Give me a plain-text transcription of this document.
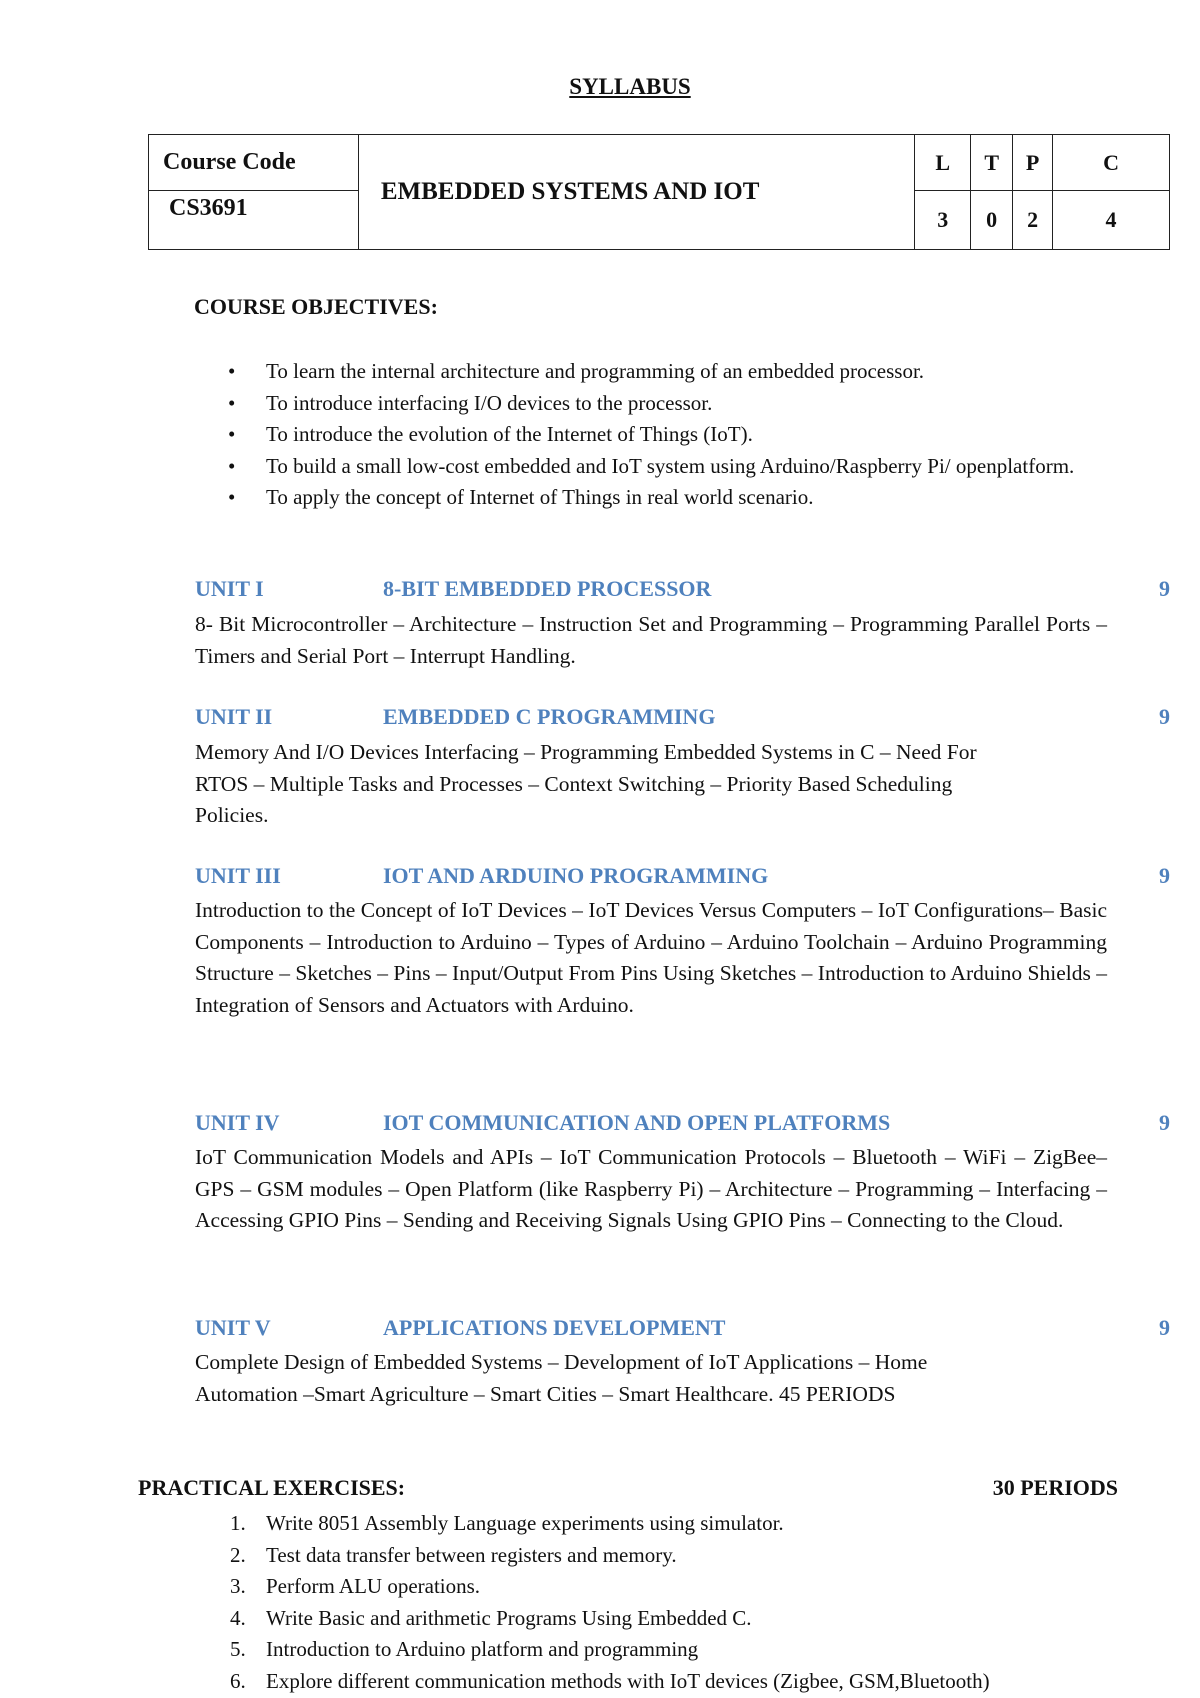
SYLLABUS
Course Code	EMBEDDED SYSTEMS AND IOT	L	T	P	C
CS3691		3	0	2	4
COURSE OBJECTIVES:
• To learn the internal architecture and programming of an embedded processor.
• To introduce interfacing I/O devices to the processor.
• To introduce the evolution of the Internet of Things (IoT).
• To build a small low-cost embedded and IoT system using Arduino/Raspberry Pi/ openplatform.
• To apply the concept of Internet of Things in real world scenario.
UNIT I	8-BIT EMBEDDED PROCESSOR	9
8- Bit Microcontroller – Architecture – Instruction Set and Programming – Programming Parallel Ports – Timers and Serial Port – Interrupt Handling.
UNIT II	EMBEDDED C PROGRAMMING	9
Memory And I/O Devices Interfacing – Programming Embedded Systems in C – Need For RTOS – Multiple Tasks and Processes – Context Switching – Priority Based Scheduling Policies.
UNIT III	IOT AND ARDUINO PROGRAMMING	9
Introduction to the Concept of IoT Devices – IoT Devices Versus Computers – IoT Configurations– Basic Components – Introduction to Arduino – Types of Arduino – Arduino Toolchain – Arduino Programming Structure – Sketches – Pins – Input/Output From Pins Using Sketches – Introduction to Arduino Shields – Integration of Sensors and Actuators with Arduino.
UNIT IV	IOT COMMUNICATION AND OPEN PLATFORMS	9
IoT Communication Models and APIs – IoT Communication Protocols – Bluetooth – WiFi – ZigBee– GPS – GSM modules – Open Platform (like Raspberry Pi) – Architecture – Programming – Interfacing – Accessing GPIO Pins – Sending and Receiving Signals Using GPIO Pins – Connecting to the Cloud.
UNIT V	APPLICATIONS DEVELOPMENT	9
Complete Design of Embedded Systems – Development of IoT Applications – Home Automation –Smart Agriculture – Smart Cities – Smart Healthcare. 45 PERIODS
PRACTICAL EXERCISES:	30 PERIODS
1. Write 8051 Assembly Language experiments using simulator.
2. Test data transfer between registers and memory.
3. Perform ALU operations.
4. Write Basic and arithmetic Programs Using Embedded C.
5. Introduction to Arduino platform and programming
6. Explore different communication methods with IoT devices (Zigbee, GSM,Bluetooth)
